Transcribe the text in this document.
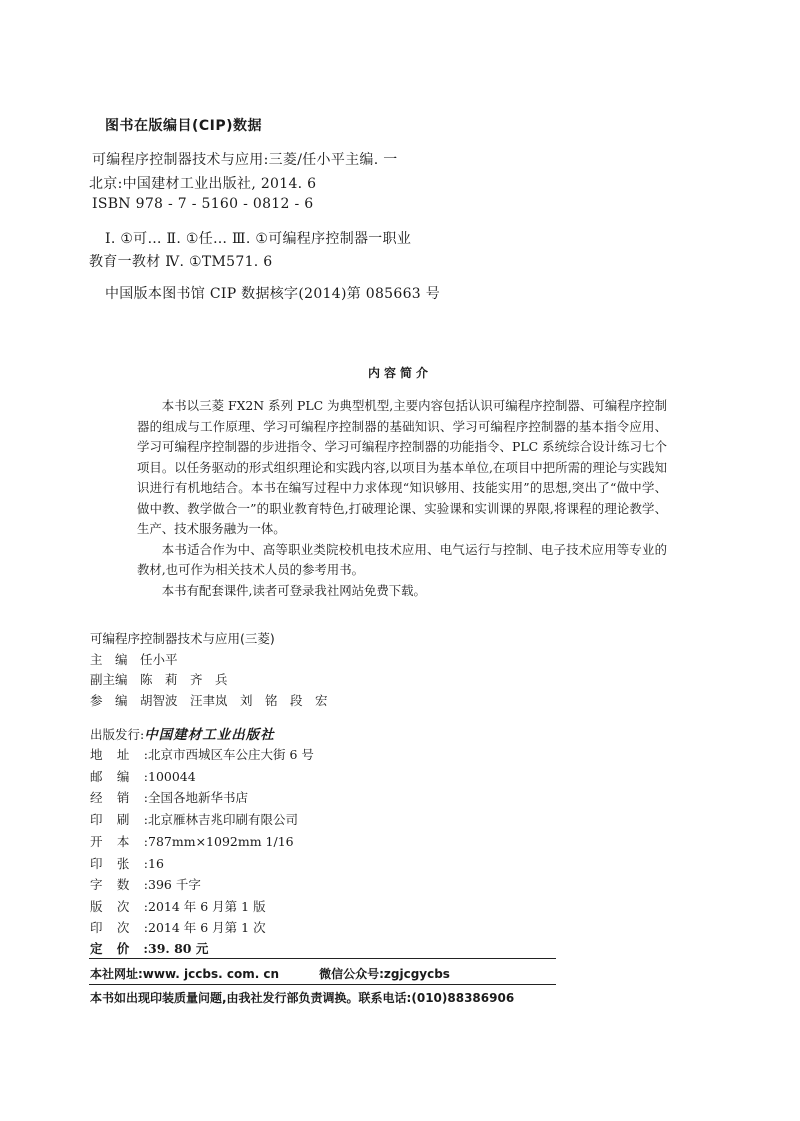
图书在版编目(CIP)数据
可编程序控制器技术与应用:三菱/任小平主编. 一
北京:中国建材工业出版社, 2014. 6
ISBN 978 - 7 - 5160 - 0812 - 6
Ⅰ. ①可… Ⅱ. ①任… Ⅲ. ①可编程序控制器一职业
教育一教材 Ⅳ. ①TM571. 6
中国版本图书馆 CIP 数据核字(2014)第 085663 号
内容简介

本书以三菱 FX2N 系列 PLC 为典型机型,主要内容包括认识可编程序控制器、可编程序控制器的组成与工作原理、学习可编程序控制器的基础知识、学习可编程序控制器的基本指令应用、学习可编程序控制器的步进指令、学习可编程序控制器的功能指令、PLC 系统综合设计练习七个项目。以任务驱动的形式组织理论和实践内容,以项目为基本单位,在项目中把所需的理论与实践知识进行有机地结合。本书在编写过程中力求体现“知识够用、技能实用”的思想,突出了“做中学、做中教、教学做合一”的职业教育特色,打破理论课、实验课和实训课的界限,将课程的理论教学、生产、技术服务融为一体。

本书适合作为中、高等职业类院校机电技术应用、电气运行与控制、电子技术应用等专业的教材,也可作为相关技术人员的参考用书。

本书有配套课件,读者可登录我社网站免费下载。

可编程序控制器技术与应用(三菱)
主　编 任小平
副主编 陈　莉　齐　兵
参　编 胡智波　汪聿岚　刘　铭　段　宏
出版发行:中国建材工业出版社
地址:北京市西城区车公庄大街 6 号
邮编:100044
经销:全国各地新华书店
印刷:北京雁林吉兆印刷有限公司
开本:787mm×1092mm 1/16
印张:16
字数:396 千字
版次:2014 年 6 月第 1 版
印次:2014 年 6 月第 1 次
定价:39. 80 元
本社网址:www. jccbs. com. cn	微信公众号:zgjcgycbs
本书如出现印装质量问题,由我社发行部负责调换。联系电话:(010)88386906
